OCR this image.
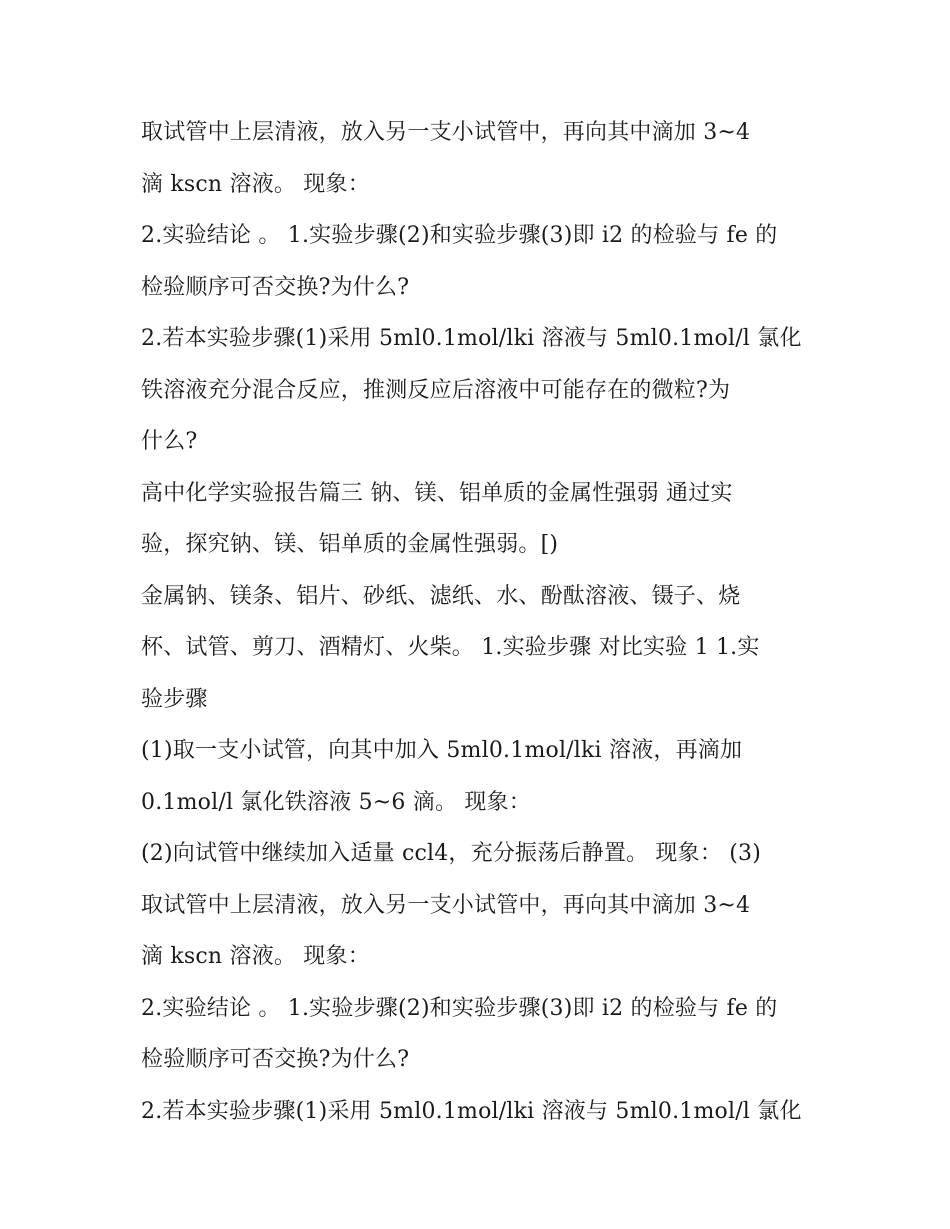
取试管中上层清液，放入另一支小试管中，再向其中滴加 3~4
滴 kscn 溶液。 现象：
2.实验结论 。 1.实验步骤(2)和实验步骤(3)即 i2 的检验与 fe 的
检验顺序可否交换?为什么?
2.若本实验步骤(1)采用 5ml0.1mol/lki 溶液与 5ml0.1mol/l 氯化
铁溶液充分混合反应，推测反应后溶液中可能存在的微粒?为
什么?
高中化学实验报告篇三 钠、镁、铝单质的金属性强弱 通过实
验，探究钠、镁、铝单质的金属性强弱。[)
金属钠、镁条、铝片、砂纸、滤纸、水、酚酞溶液、镊子、烧
杯、试管、剪刀、酒精灯、火柴。 1.实验步骤 对比实验 1 1.实
验步骤
(1)取一支小试管，向其中加入 5ml0.1mol/lki 溶液，再滴加
0.1mol/l 氯化铁溶液 5~6 滴。 现象：
(2)向试管中继续加入适量 ccl4，充分振荡后静置。 现象： (3)
取试管中上层清液，放入另一支小试管中，再向其中滴加 3~4
滴 kscn 溶液。 现象：
2.实验结论 。 1.实验步骤(2)和实验步骤(3)即 i2 的检验与 fe 的
检验顺序可否交换?为什么?
2.若本实验步骤(1)采用 5ml0.1mol/lki 溶液与 5ml0.1mol/l 氯化
